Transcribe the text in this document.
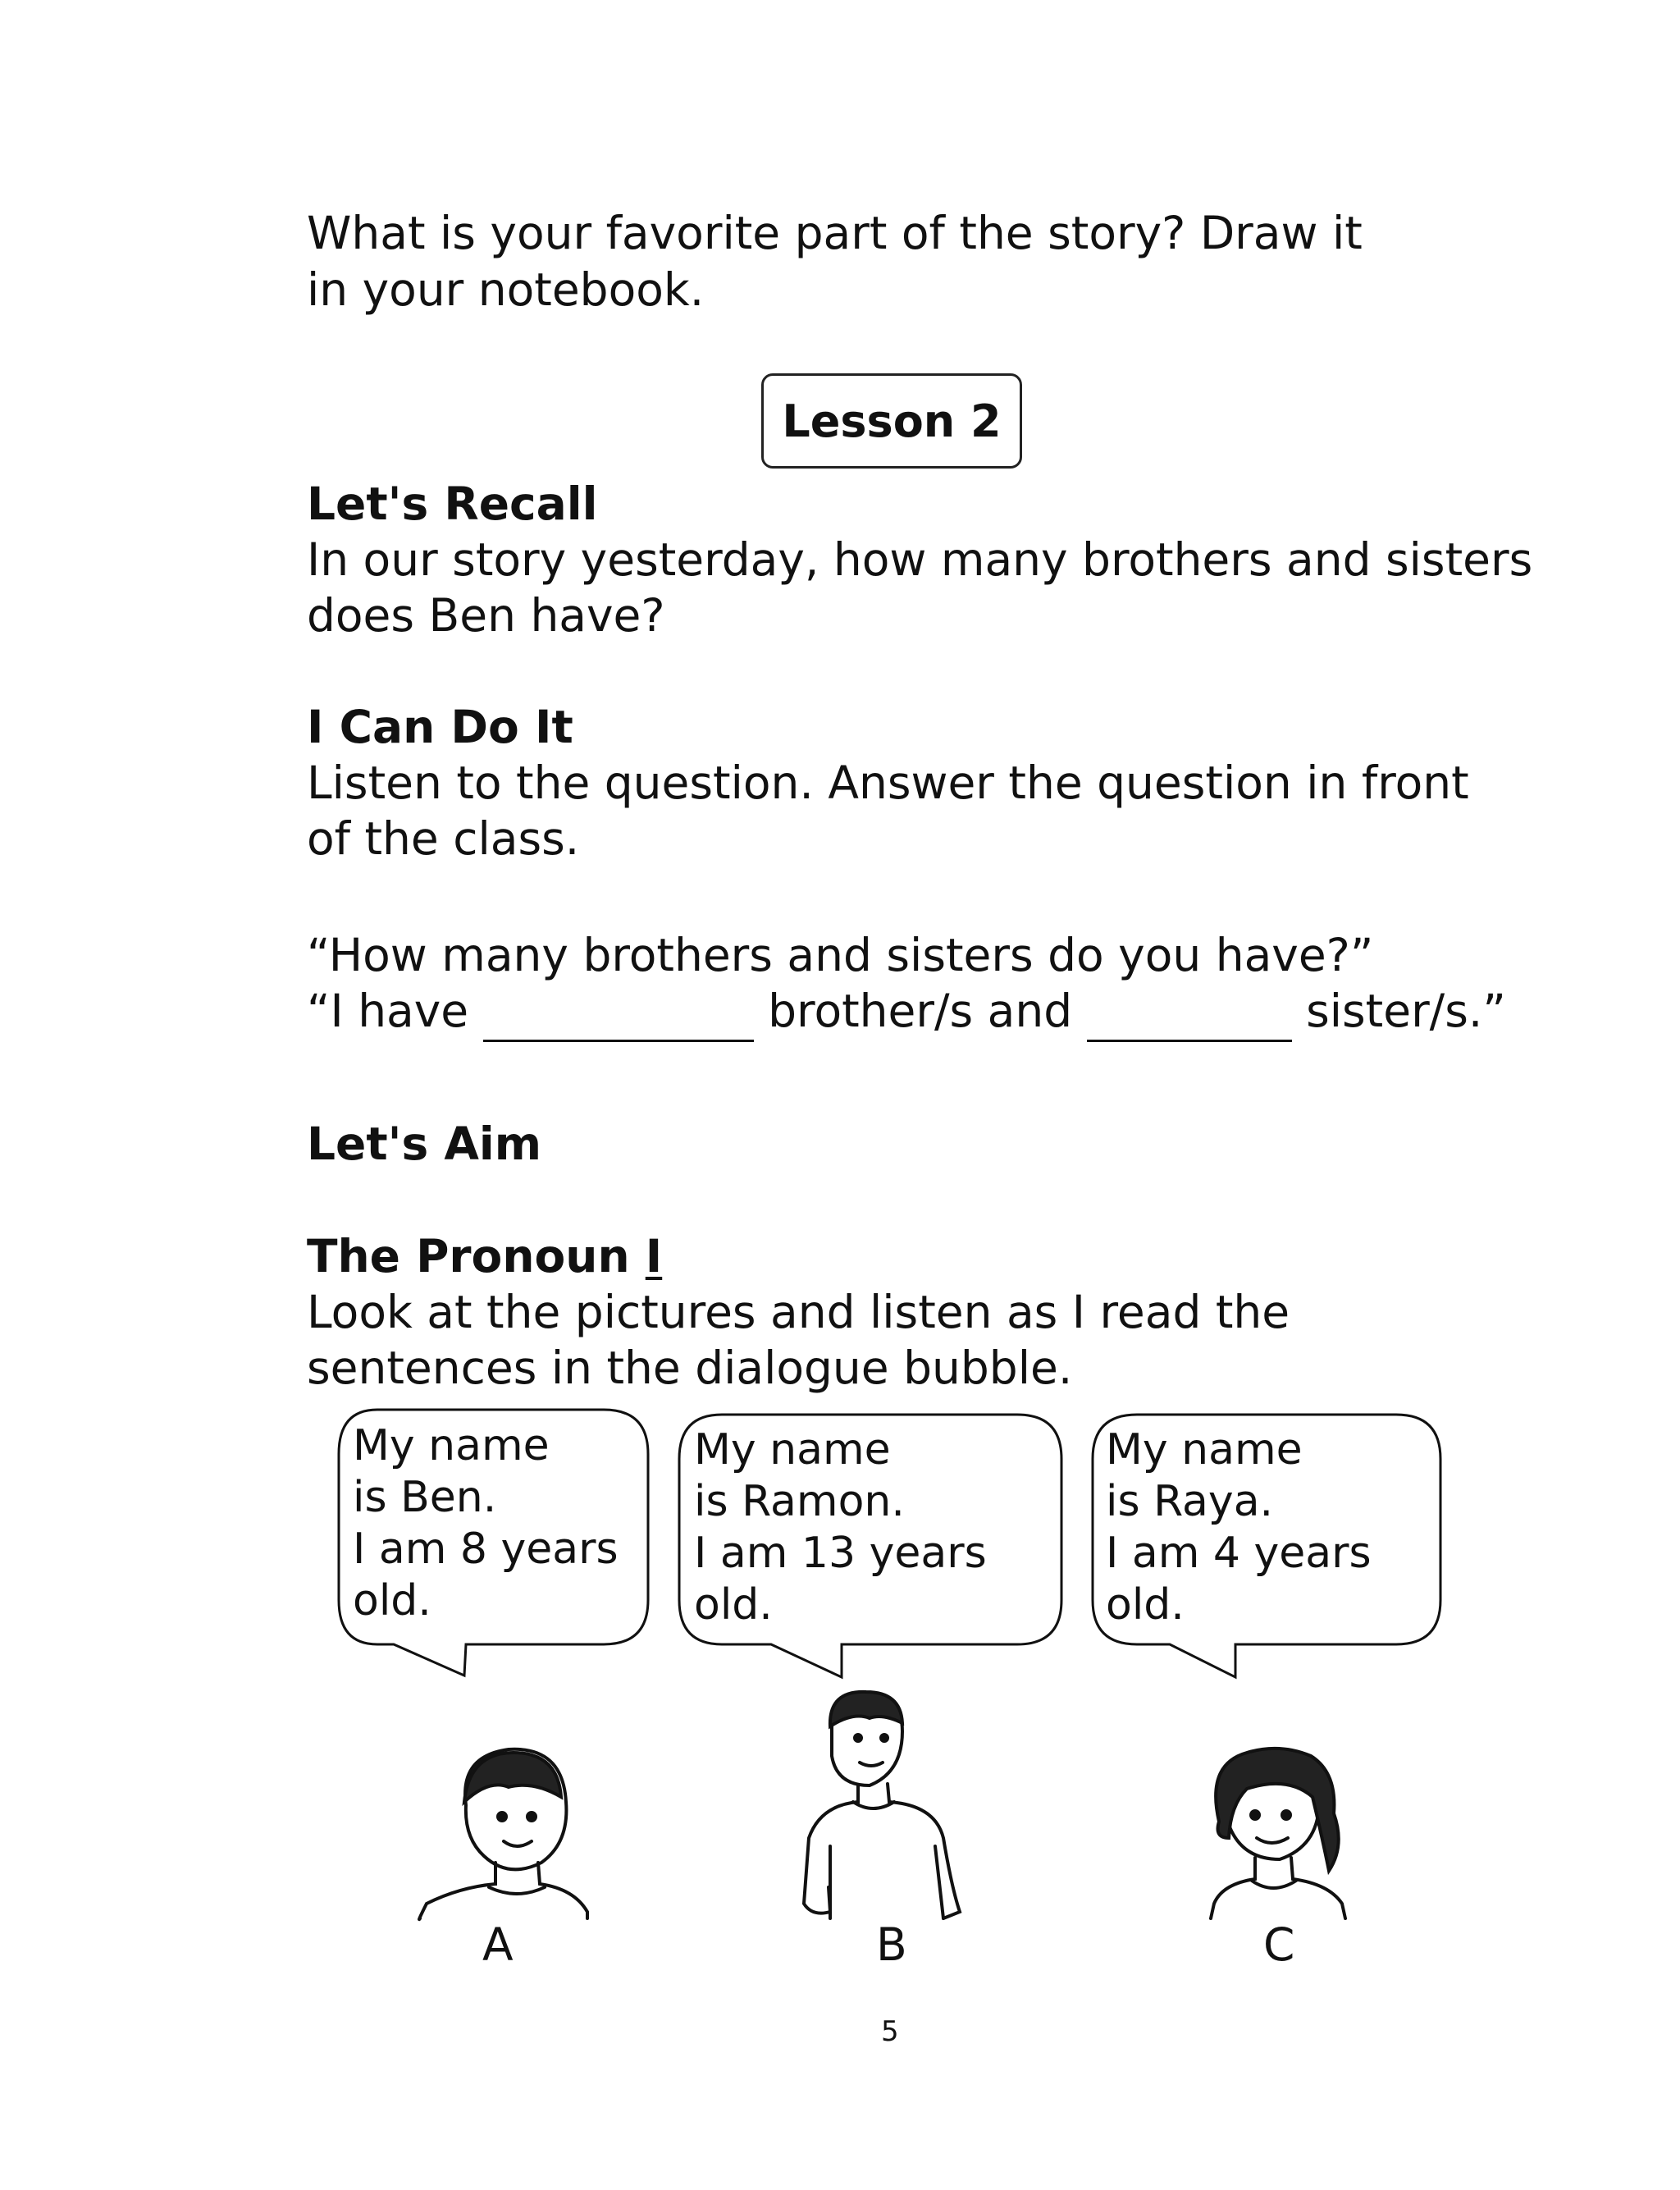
What is your favorite part of the story? Draw it

in your notebook.

Lesson 2

Let's Recall

In our story yesterday, how many brothers and sisters

does Ben have?

I Can Do It

Listen to the question. Answer the question in front

of the class.

“How many brothers and sisters do you have?”

“I have	brother/s and	sister/s.”

Let's Aim

The Pronoun I

Look at the pictures and listen as I read the

sentences in the dialogue bubble.

My name
is Ben.
I am 8 years
old.
My name
is Ramon.
I am 13 years
old.
My name
is Raya.
I am 4 years
old.
A	B	C
5
